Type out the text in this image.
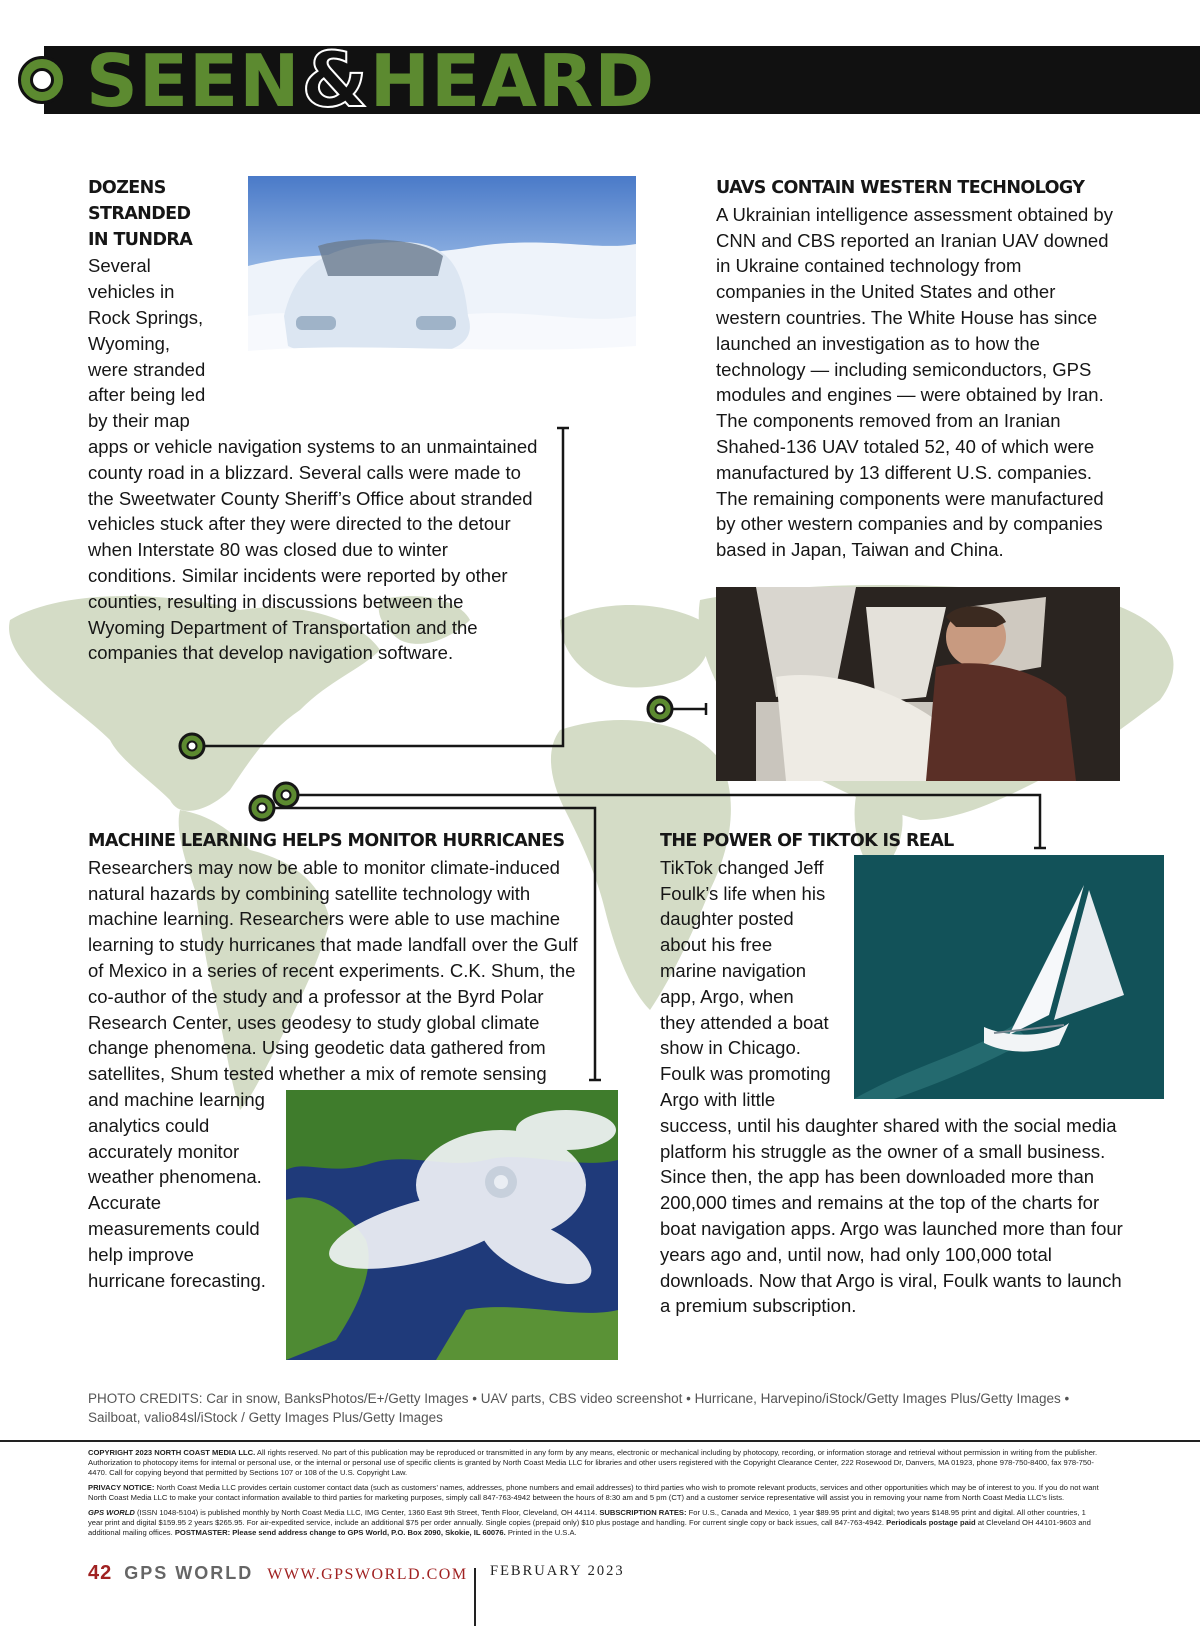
SEEN&HEARD
DOZENS STRANDED IN TUNDRA
Several vehicles in Rock Springs, Wyoming, were stranded after being led by their map apps or vehicle navigation systems to an unmaintained county road in a blizzard. Several calls were made to the Sweetwater County Sheriff’s Office about stranded vehicles stuck after they were directed to the detour when Interstate 80 was closed due to winter conditions. Similar incidents were reported by other counties, resulting in discussions between the Wyoming Department of Transportation and the companies that develop navigation software.
UAVS CONTAIN WESTERN TECHNOLOGY
A Ukrainian intelligence assessment obtained by CNN and CBS reported an Iranian UAV downed in Ukraine contained technology from companies in the United States and other western countries. The White House has since launched an investigation as to how the technology — including semiconductors, GPS modules and engines — were obtained by Iran. The components removed from an Iranian Shahed-136 UAV totaled 52, 40 of which were manufactured by 13 different U.S. companies. The remaining components were manufactured by other western companies and by companies based in Japan, Taiwan and China.
MACHINE LEARNING HELPS MONITOR HURRICANES
Researchers may now be able to monitor climate-induced natural hazards by combining satellite technology with machine learning. Researchers were able to use machine learning to study hurricanes that made landfall over the Gulf of Mexico in a series of recent experiments. C.K. Shum, the co-author of the study and a professor at the Byrd Polar Research Center, uses geodesy to study global climate change phenomena. Using geodetic data gathered from satellites, Shum tested whether a mix of remote sensing and machine learning analytics could accurately monitor weather phenomena. Accurate measurements could help improve hurricane forecasting.
THE POWER OF TIKTOK IS REAL
TikTok changed Jeff Foulk’s life when his daughter posted about his free marine navigation app, Argo, when they attended a boat show in Chicago. Foulk was promoting Argo with little success, until his daughter shared with the social media platform his struggle as the owner of a small business. Since then, the app has been downloaded more than 200,000 times and remains at the top of the charts for boat navigation apps. Argo was launched more than four years ago and, until now, had only 100,000 total downloads. Now that Argo is viral, Foulk wants to launch a premium subscription.
PHOTO CREDITS: Car in snow, BanksPhotos/E+/Getty Images • UAV parts, CBS video screenshot • Hurricane, Harvepino/iStock/Getty Images Plus/Getty Images • Sailboat, valio84sl/iStock / Getty Images Plus/Getty Images

COPYRIGHT 2023 NORTH COAST MEDIA LLC. All rights reserved. No part of this publication may be reproduced or transmitted in any form by any means, electronic or mechanical including by photocopy, recording, or information storage and retrieval without permission in writing from the publisher. Authorization to photocopy items for internal or personal use, or the internal or personal use of specific clients is granted by North Coast Media LLC for libraries and other users registered with the Copyright Clearance Center, 222 Rosewood Dr, Danvers, MA 01923, phone 978-750-8400, fax 978-750-4470. Call for copying beyond that permitted by Sections 107 or 108 of the U.S. Copyright Law.

PRIVACY NOTICE: North Coast Media LLC provides certain customer contact data (such as customers’ names, addresses, phone numbers and email addresses) to third parties who wish to promote relevant products, services and other opportunities which may be of interest to you. If you do not want North Coast Media LLC to make your contact information available to third parties for marketing purposes, simply call 847-763-4942 between the hours of 8:30 am and 5 pm (CT) and a customer service representative will assist you in removing your name from North Coast Media LLC’s lists.

GPS WORLD (ISSN 1048-5104) is published monthly by North Coast Media LLC, IMG Center, 1360 East 9th Street, Tenth Floor, Cleveland, OH 44114. SUBSCRIPTION RATES: For U.S., Canada and Mexico, 1 year $89.95 print and digital; two years $148.95 print and digital. All other countries, 1 year print and digital $159.95 2 years $265.95. For air-expedited service, include an additional $75 per order annually. Single copies (prepaid only) $10 plus postage and handling. For current single copy or back issues, call 847-763-4942. Periodicals postage paid at Cleveland OH 44101-9603 and additional mailing offices. POSTMASTER: Please send address change to GPS World, P.O. Box 2090, Skokie, IL 60076. Printed in the U.S.A.

42 GPS WORLD WWW.GPSWORLD.COM FEBRUARY 2023
